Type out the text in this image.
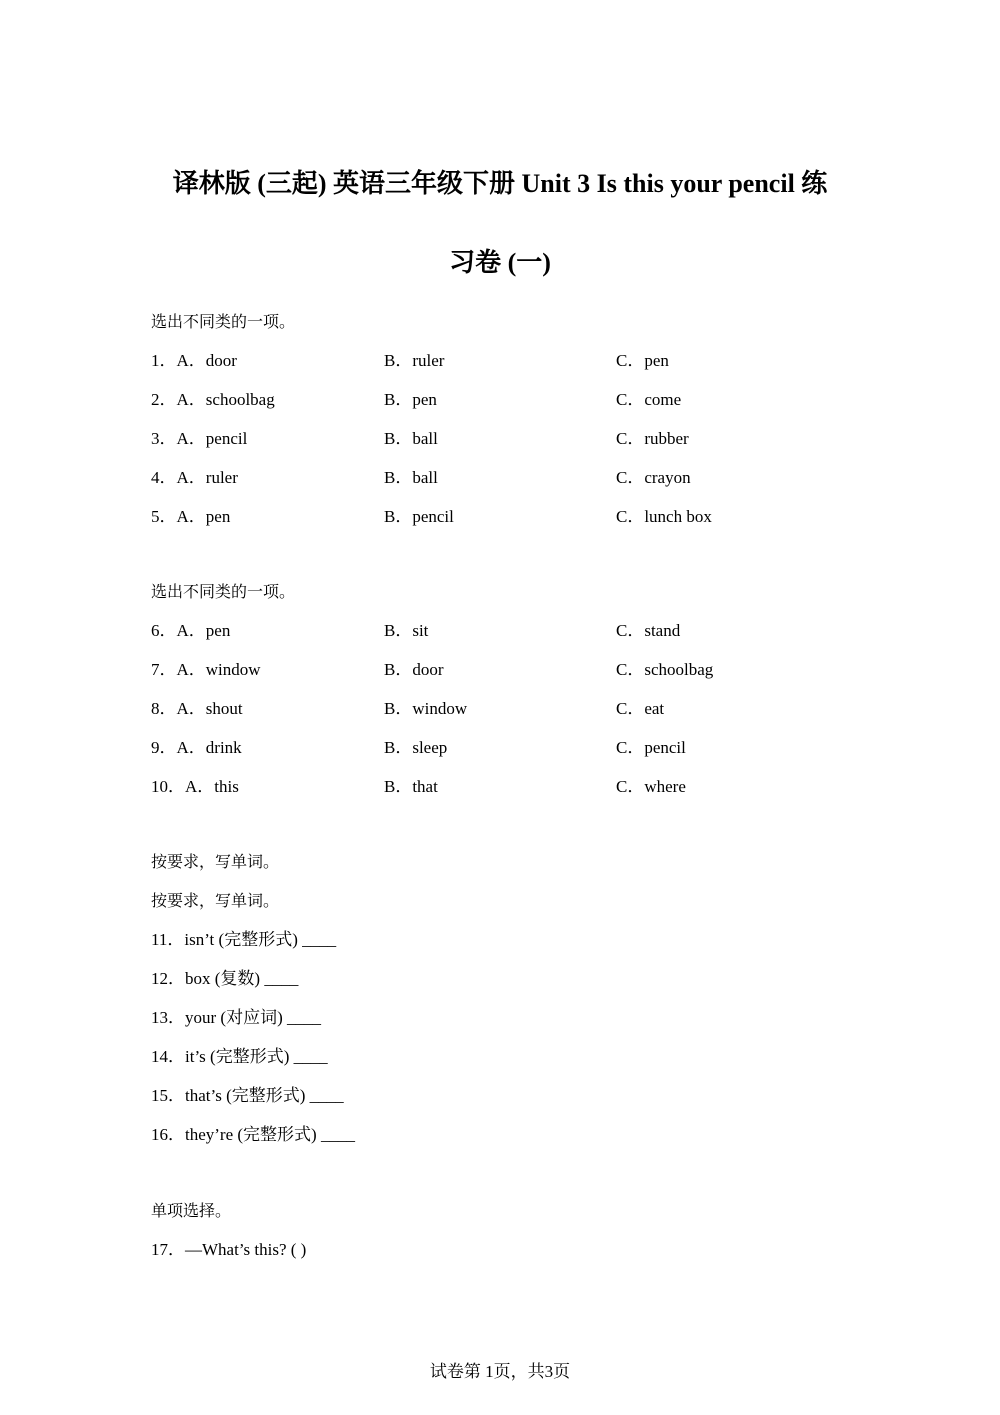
译林版 (三起) 英语三年级下册 Unit 3 Is this your pencil 练
习卷 (一)
选出不同类的一项。
1．A．door	B．ruler	C．pen
2．A．schoolbag	B．pen	C．come
3．A．pencil	B．ball	C．rubber
4．A．ruler	B．ball	C．crayon
5．A．pen	B．pencil	C．lunch box
选出不同类的一项。
6．A．pen	B．sit	C．stand
7．A．window	B．door	C．schoolbag
8．A．shout	B．window	C．eat
9．A．drink	B．sleep	C．pencil
10．A．this	B．that	C．where
按要求，写单词。
按要求，写单词。
11．isn’t (完整形式) ____
12．box (复数) ____
13．your (对应词) ____
14．it’s (完整形式) ____
15．that’s (完整形式) ____
16．they’re (完整形式) ____
单项选择。
17．—What’s this? ( )
试卷第 1页，共3页
